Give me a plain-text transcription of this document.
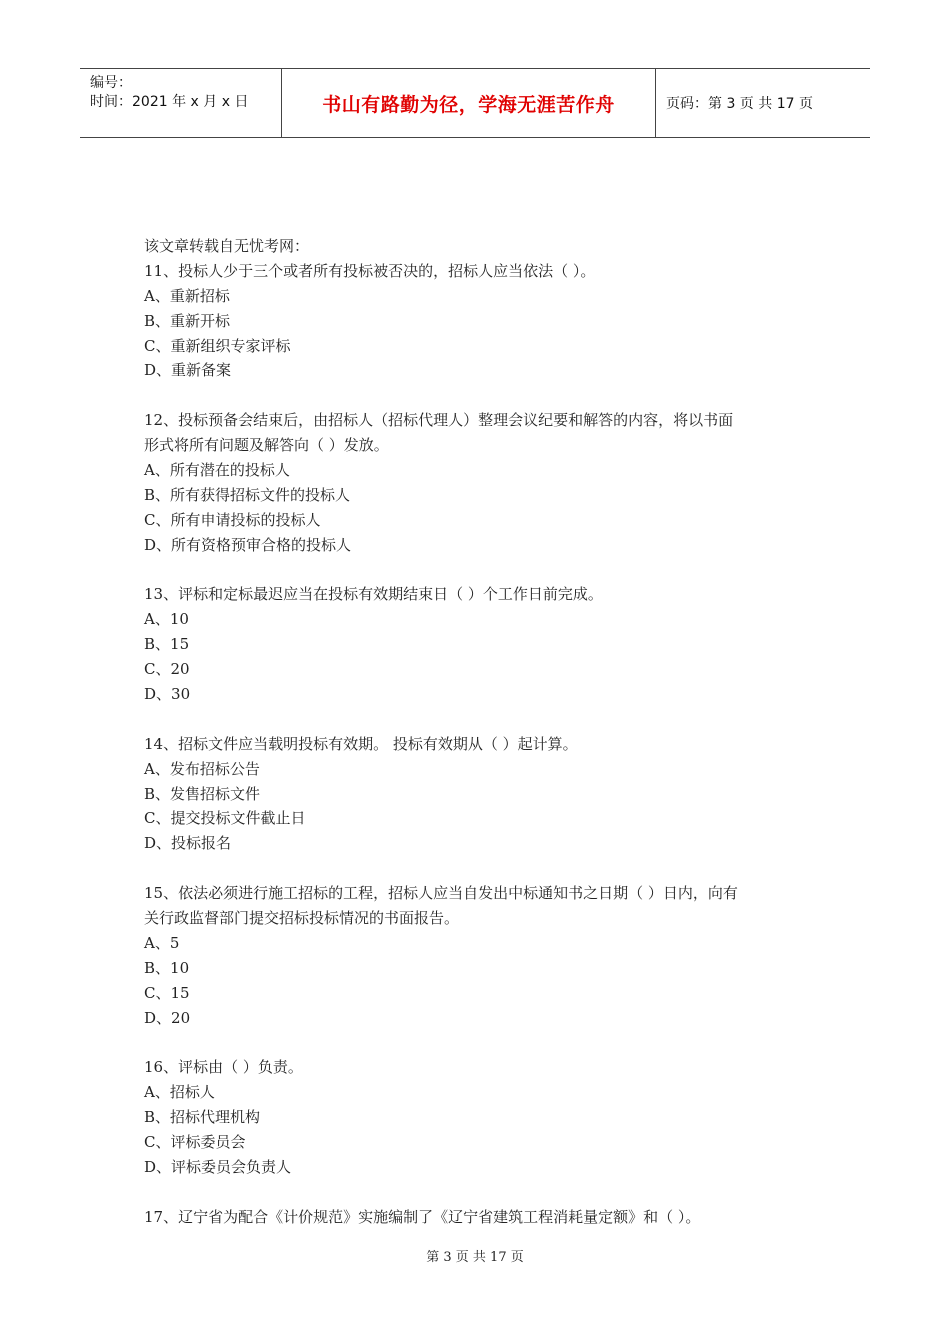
编号：
时间：2021 年 x 月 x 日	书山有路勤为径，学海无涯苦作舟	页码：第 3 页 共 17 页
该文章转载自无忧考网：
11、投标人少于三个或者所有投标被否决的，招标人应当依法（ ）。
A、重新招标
B、重新开标
C、重新组织专家评标
D、重新备案
12、投标预备会结束后，由招标人（招标代理人）整理会议纪要和解答的内容，将以书面
形式将所有问题及解答向（ ）发放。
A、所有潜在的投标人
B、所有获得招标文件的投标人
C、所有申请投标的投标人
D、所有资格预审合格的投标人
13、评标和定标最迟应当在投标有效期结束日（ ）个工作日前完成。
A、10
B、15
C、20
D、30
14、招标文件应当载明投标有效期。 投标有效期从（ ）起计算。
A、发布招标公告
B、发售招标文件
C、提交投标文件截止日
D、投标报名
15、依法必须进行施工招标的工程，招标人应当自发出中标通知书之日期（ ）日内，向有
关行政监督部门提交招标投标情况的书面报告。
A、5
B、10
C、15
D、20
16、评标由（ ）负责。
A、招标人
B、招标代理机构
C、评标委员会
D、评标委员会负责人
17、辽宁省为配合《计价规范》实施编制了《辽宁省建筑工程消耗量定额》和（ ）。
第 3 页 共 17 页
